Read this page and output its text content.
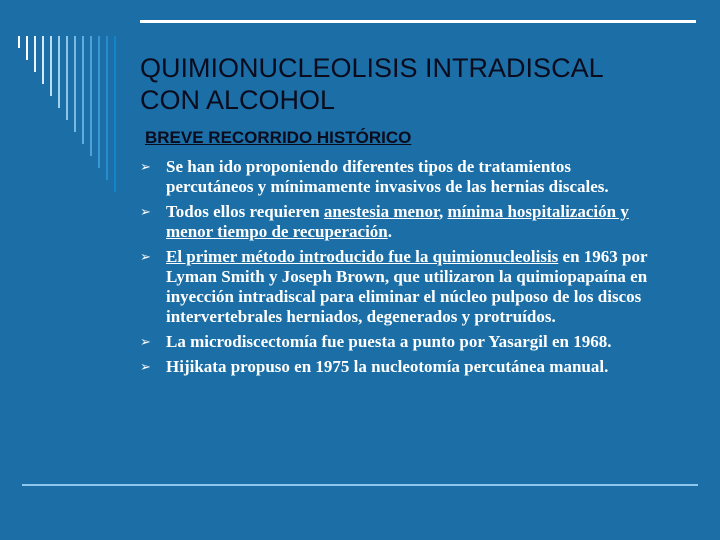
QUIMIONUCLEOLISIS INTRADISCAL
CON ALCOHOL
BREVE RECORRIDO HISTÓRICO
➢ Se han ido proponiendo diferentes tipos de tratamientos percutáneos y mínimamente invasivos de las hernias discales.
➢ Todos ellos requieren anestesia menor, mínima hospitalización y menor tiempo de recuperación.
➢ El primer método introducido fue la quimionucleolisis en 1963 por Lyman Smith y Joseph Brown, que utilizaron la quimiopapaína en inyección intradiscal para eliminar el núcleo pulposo de los discos intervertebrales herniados, degenerados y protruídos.
➢ La microdiscectomía fue puesta a punto por Yasargil en 1968.
➢ Hijikata propuso en 1975 la nucleotomía percutánea manual.
